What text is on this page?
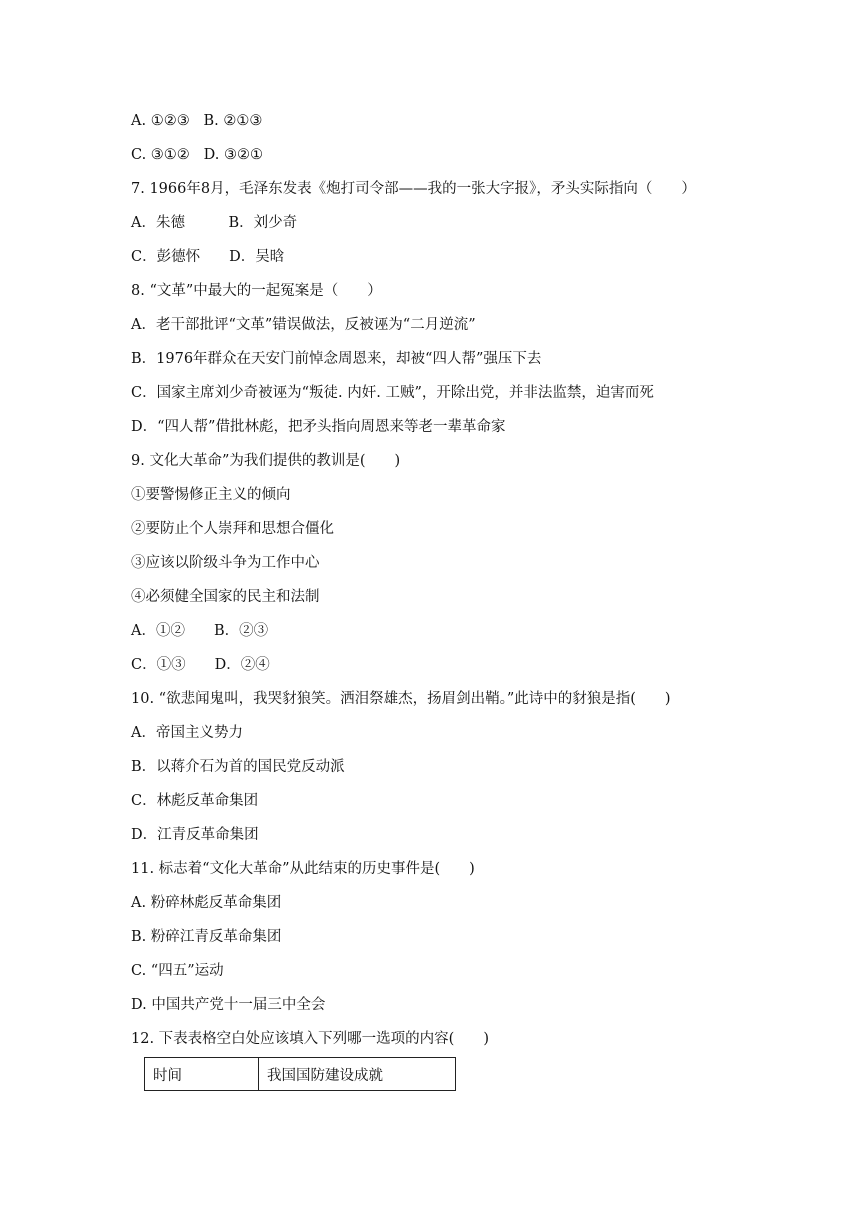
A. ①②③   B. ②①③
C. ③①②   D. ③②①
7. 1966年8月，毛泽东发表《炮打司令部——我的一张大字报》，矛头实际指向（　　）
A．朱德　　　B．刘少奇
C．彭德怀　　D．吴晗
8. “文革”中最大的一起冤案是（　　）
A．老干部批评“文革”错误做法，反被诬为“二月逆流”
B．1976年群众在天安门前悼念周恩来，却被“四人帮”强压下去
C．国家主席刘少奇被诬为“叛徒. 内奸. 工贼”，开除出党，并非法监禁，迫害而死
D．“四人帮”借批林彪，把矛头指向周恩来等老一辈革命家
9. 文化大革命”为我们提供的教训是(　　)
①要警惕修正主义的倾向
②要防止个人崇拜和思想合僵化
③应该以阶级斗争为工作中心
④必须健全国家的民主和法制
A．①②　　B．②③
C．①③　　D．②④
10. “欲悲闻鬼叫，我哭豺狼笑。洒泪祭雄杰，扬眉剑出鞘。”此诗中的豺狼是指(　　)
A．帝国主义势力
B．以蒋介石为首的国民党反动派
C．林彪反革命集团
D．江青反革命集团
11. 标志着“文化大革命”从此结束的历史事件是(　　)
A. 粉碎林彪反革命集团
B. 粉碎江青反革命集团
C. “四五”运动
D. 中国共产党十一届三中全会
12. 下表表格空白处应该填入下列哪一选项的内容(　　)
时间	我国国防建设成就
